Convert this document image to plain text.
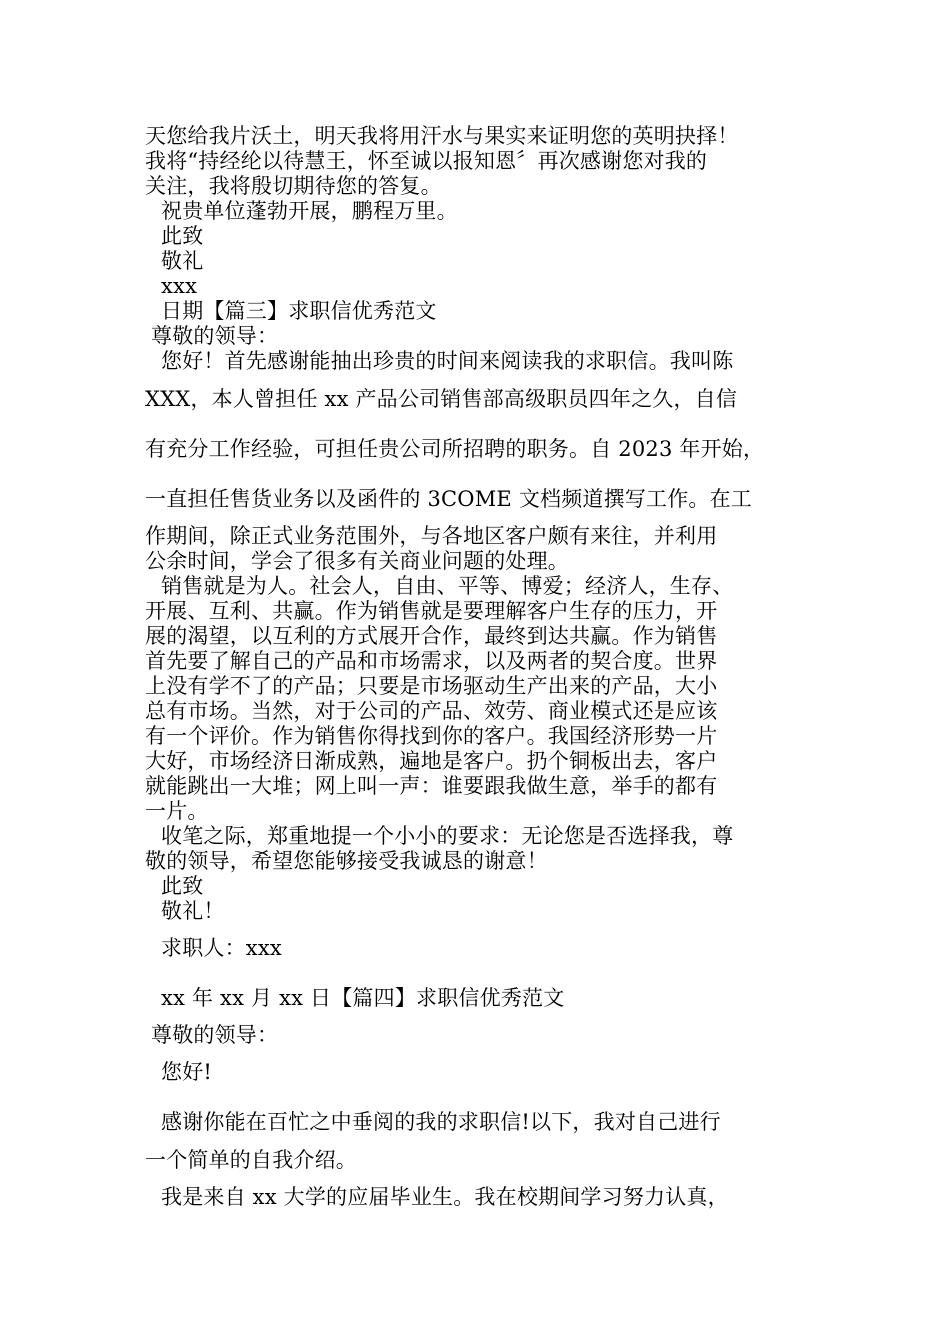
天您给我片沃土，明天我将用汗水与果实来证明您的英明抉择！
我将“持经纶以待慧王，怀至诚以报知恩〞再次感谢您对我的
关注，我将殷切期待您的答复。
祝贵单位蓬勃开展，鹏程万里。
此致
敬礼
xxx
日期【篇三】求职信优秀范文
尊敬的领导：
您好！首先感谢能抽出珍贵的时间来阅读我的求职信。我叫陈
XXX，本人曾担任 xx 产品公司销售部高级职员四年之久，自信
有充分工作经验，可担任贵公司所招聘的职务。自 2023 年开始，
一直担任售货业务以及函件的 3COME 文档频道撰写工作。在工
作期间，除正式业务范围外，与各地区客户颇有来往，并利用
公余时间，学会了很多有关商业问题的处理。
销售就是为人。社会人，自由、平等、博爱；经济人，生存、
开展、互利、共赢。作为销售就是要理解客户生存的压力，开
展的渴望，以互利的方式展开合作，最终到达共赢。作为销售
首先要了解自己的产品和市场需求，以及两者的契合度。世界
上没有学不了的产品；只要是市场驱动生产出来的产品，大小
总有市场。当然，对于公司的产品、效劳、商业模式还是应该
有一个评价。作为销售你得找到你的客户。我国经济形势一片
大好，市场经济日渐成熟，遍地是客户。扔个铜板出去，客户
就能跳出一大堆；网上叫一声：谁要跟我做生意，举手的都有
一片。
收笔之际，郑重地提一个小小的要求：无论您是否选择我，尊
敬的领导，希望您能够接受我诚恳的谢意！
此致
敬礼！
求职人：xxx
xx 年 xx 月 xx 日【篇四】求职信优秀范文
尊敬的领导：
您好!
感谢你能在百忙之中垂阅的我的求职信!以下，我对自己进行
一个简单的自我介绍。
我是来自 xx 大学的应届毕业生。我在校期间学习努力认真，
